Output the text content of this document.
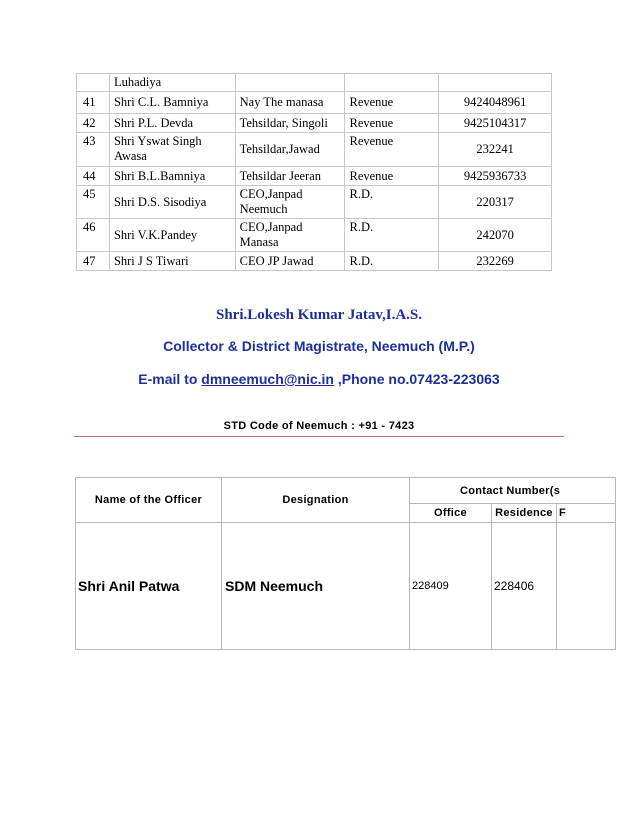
	Luhadiya			
41	Shri C.L. Bamniya	Nay The manasa	Revenue	9424048961
42	Shri P.L. Devda	Tehsildar, Singoli	Revenue	9425104317
43	Shri Yswat Singh Awasa	Tehsildar,Jawad	Revenue	232241
44	Shri B.L.Bamniya	Tehsildar Jeeran	Revenue	9425936733
45	Shri D.S. Sisodiya	CEO,Janpad Neemuch	R.D.	220317
46	Shri V.K.Pandey	CEO,Janpad Manasa	R.D.	242070
47	Shri J S Tiwari	CEO JP Jawad	R.D.	232269
Shri.Lokesh Kumar Jatav,I.A.S.
Collector & District Magistrate, Neemuch (M.P.)
E-mail to dmneemuch@nic.in ,Phone no.07423-223063
STD Code of Neemuch : +91 - 7423
Name of the Officer	Designation	Contact Number(s		
		Office	Residence	F
Shri Anil Patwa	SDM Neemuch	228409	228406	
